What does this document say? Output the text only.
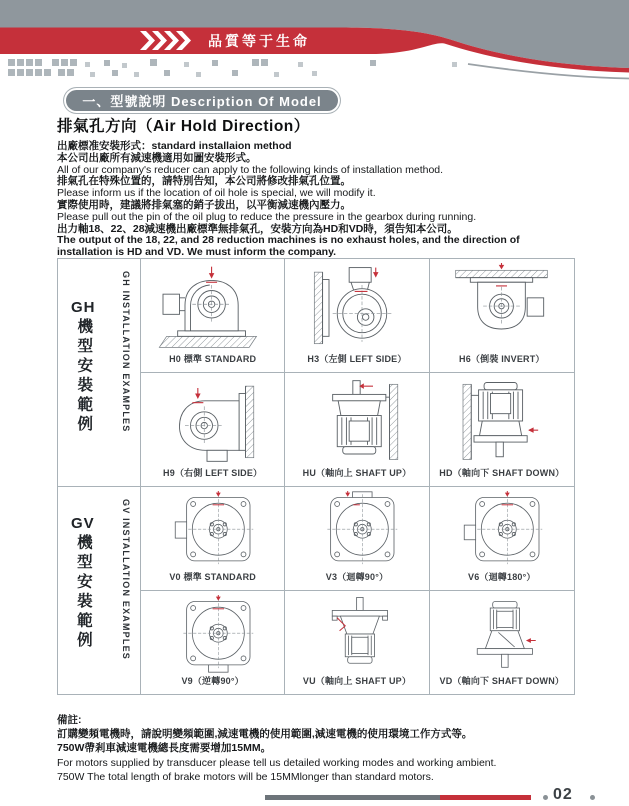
品質等于生命
一、型號說明 Description Of Model
排氣孔方向（Air Hold Direction）

出廠標准安裝形式：standard installaion method

本公司出廠所有減速機適用如圖安裝形式。

All of our company's reducer can apply to the following kinds of installation method.

排氣孔在特殊位置的，請特別告知，本公司將修改排氣孔位置。

Please inform us if the location of oil hole is special, we will modify it.

實際使用時，建議將排氣塞的銷子拔出，以平衡減速機內壓力。

Please pull out the pin of the oil plug to reduce the pressure in the gearbox during running.

出力軸18、22、28減速機出廠標準無排氣孔，安裝方向為HD和VD時，須告知本公司。

The output of the 18, 22, and 28 reduction machines is no exhaust holes, and the direction of installation is HD and VD. We must inform the company.

GH INSTALLATION EXAMPLES
GH
機型安裝範例	H0 標準 STANDARD	H3（左側 LEFT SIDE）	H6（倒裝 INVERT）
H9（右側 LEFT SIDE）	HU（軸向上 SHAFT UP）	HD（軸向下 SHAFT DOWN）
GV INSTALLATION EXAMPLES
GV
機型安裝範例	V0 標準 STANDARD	V3（迴轉90°）	V6（迴轉180°）
V9（逆轉90°）	VU（軸向上 SHAFT UP）	VD（軸向下 SHAFT DOWN）

備註:

訂購變頻電機時，請說明變頻範圍,減速電機的使用範圍,減速電機的使用環境工作方式等。

750W帶剎車減速電機總長度需要增加15MM。

For motors supplied by transducer please tell us detailed working modes and working ambient.

750W The total length of brake motors will be 15MMlonger than standard motors.

02
